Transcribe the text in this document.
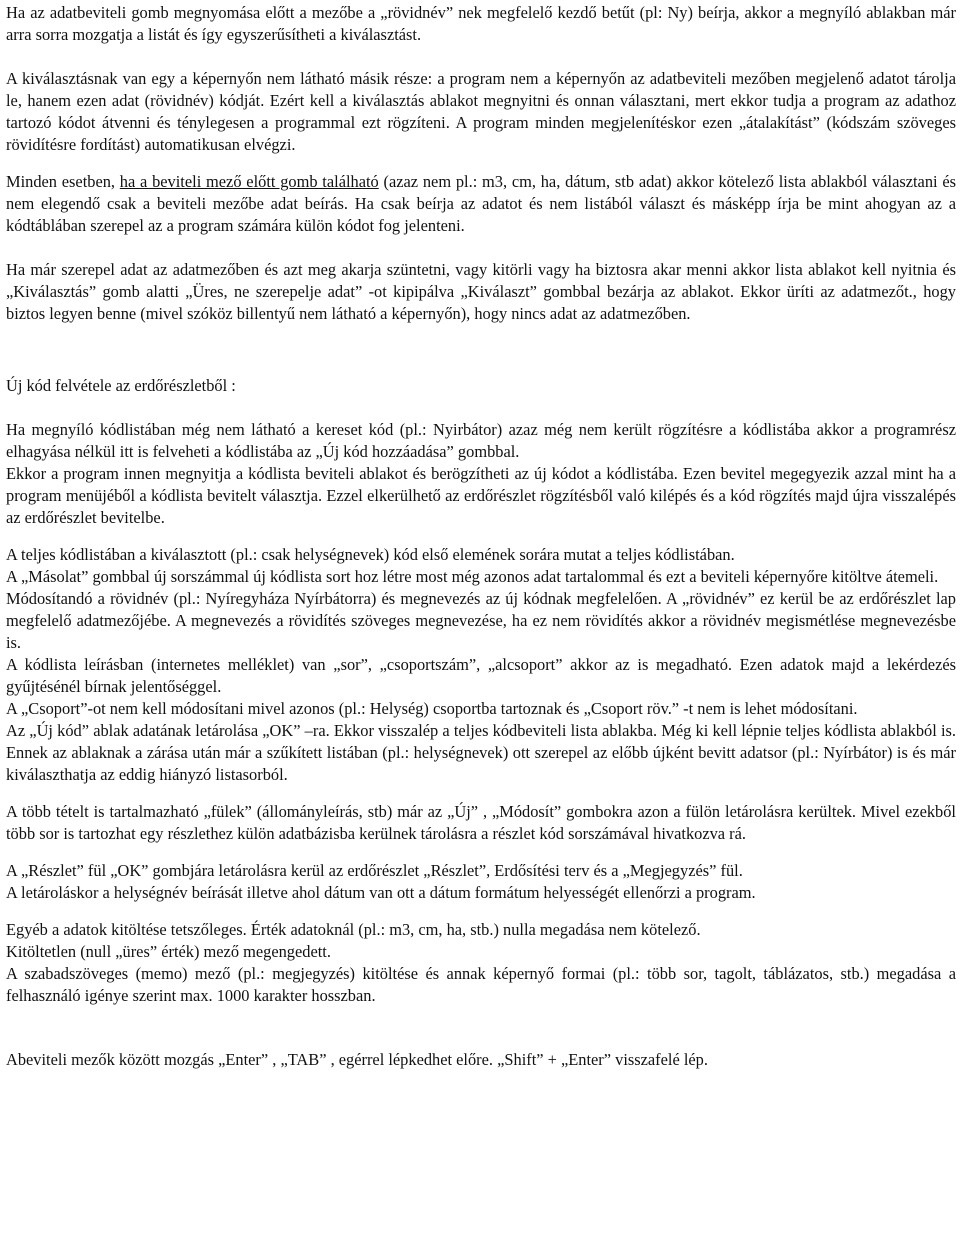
Ha az adatbeviteli gomb megnyomása előtt a mezőbe a „rövidnév” nek megfelelő kezdő betűt (pl: Ny) beírja, akkor a megnyíló ablakban már arra sorra mozgatja a listát és így egyszerűsítheti a kiválasztást.

A kiválasztásnak van egy a képernyőn nem látható másik része: a program nem a képernyőn az adatbeviteli mezőben megjelenő adatot tárolja le, hanem ezen adat (rövidnév) kódját. Ezért kell a kiválasztás ablakot megnyitni és onnan választani, mert ekkor tudja a program az adathoz tartozó kódot átvenni és ténylegesen a programmal ezt rögzíteni. A program minden megjelenítéskor ezen „átalakítást” (kódszám szöveges rövidítésre fordítást) automatikusan elvégzi.

Minden esetben, ha a beviteli mező előtt gomb található (azaz nem pl.: m3, cm, ha, dátum, stb adat) akkor kötelező lista ablakból választani és nem elegendő csak a beviteli mezőbe adat beírás. Ha csak beírja az adatot és nem listából választ és másképp írja be mint ahogyan az a kódtáblában szerepel az a program számára külön kódot fog jelenteni.

Ha már szerepel adat az adatmezőben és azt meg akarja szüntetni, vagy kitörli vagy ha biztosra akar menni akkor lista ablakot kell nyitnia és „Kiválasztás” gomb alatti „Üres, ne szerepelje adat” -ot kipipálva „Kiválaszt” gombbal bezárja az ablakot. Ekkor üríti az adatmezőt., hogy biztos legyen benne (mivel szóköz billentyű nem látható a képernyőn), hogy nincs adat az adatmezőben.

Új kód felvétele az erdőrészletből :

Ha megnyíló kódlistában még nem látható a kereset kód (pl.: Nyirbátor) azaz még nem került rögzítésre a kódlistába akkor a programrész elhagyása nélkül itt is felveheti a kódlistába az „Új kód hozzáadása” gombbal.

Ekkor a program innen megnyitja a kódlista beviteli ablakot és berögzítheti az új kódot a kódlistába. Ezen bevitel megegyezik azzal mint ha a program menüjéből a kódlista bevitelt választja. Ezzel elkerülhető az erdőrészlet rögzítésből való kilépés és a kód rögzítés majd újra visszalépés az erdőrészlet bevitelbe.

A teljes kódlistában a kiválasztott (pl.: csak helységnevek) kód első elemének sorára mutat a teljes kódlistában.

A „Másolat” gombbal új sorszámmal új kódlista sort hoz létre most még azonos adat tartalommal és ezt a beviteli képernyőre kitöltve átemeli.

Módosítandó a rövidnév (pl.: Nyíregyháza Nyírbátorra) és megnevezés az új kódnak megfelelően. A „rövidnév” ez kerül be az erdőrészlet lap megfelelő adatmezőjébe. A megnevezés a rövidítés szöveges megnevezése, ha ez nem rövidítés akkor a rövidnév megismétlése megnevezésbe is.

A kódlista leírásban (internetes melléklet) van „sor”, „csoportszám”, „alcsoport” akkor az is megadható. Ezen adatok majd a lekérdezés gyűjtésénél bírnak jelentőséggel.

A „Csoport”-ot nem kell módosítani mivel azonos (pl.: Helység) csoportba tartoznak és „Csoport röv.” -t nem is lehet módosítani.

Az „Új kód” ablak adatának letárolása „OK” –ra. Ekkor visszalép a teljes kódbeviteli lista ablakba. Még ki kell lépnie teljes kódlista ablakból is. Ennek az ablaknak a zárása után már a szűkített listában (pl.: helységnevek) ott szerepel az előbb újként bevitt adatsor (pl.: Nyírbátor) is és már kiválaszthatja az eddig hiányzó listasorból.

A több tételt is tartalmazható „fülek” (állományleírás, stb) már az „Új” , „Módosít” gombokra azon a fülön letárolásra kerültek. Mivel ezekből több sor is tartozhat egy részlethez külön adatbázisba kerülnek tárolásra a részlet kód sorszámával hivatkozva rá.

A „Részlet” fül „OK” gombjára letárolásra kerül az erdőrészlet „Részlet”, Erdősítési terv és a „Megjegyzés” fül.

A letároláskor a helységnév beírását illetve ahol dátum van ott a dátum formátum helyességét ellenőrzi a program.

Egyéb a adatok kitöltése tetszőleges. Érték adatoknál (pl.: m3, cm, ha, stb.) nulla megadása nem kötelező.

Kitöltetlen (null „üres” érték) mező megengedett.

A szabadszöveges (memo) mező (pl.: megjegyzés) kitöltése és annak képernyő formai (pl.: több sor, tagolt, táblázatos, stb.) megadása a felhasználó igénye szerint max. 1000 karakter hosszban.

Abeviteli mezők között mozgás „Enter” , „TAB” , egérrel lépkedhet előre. „Shift” + „Enter” visszafelé lép.
